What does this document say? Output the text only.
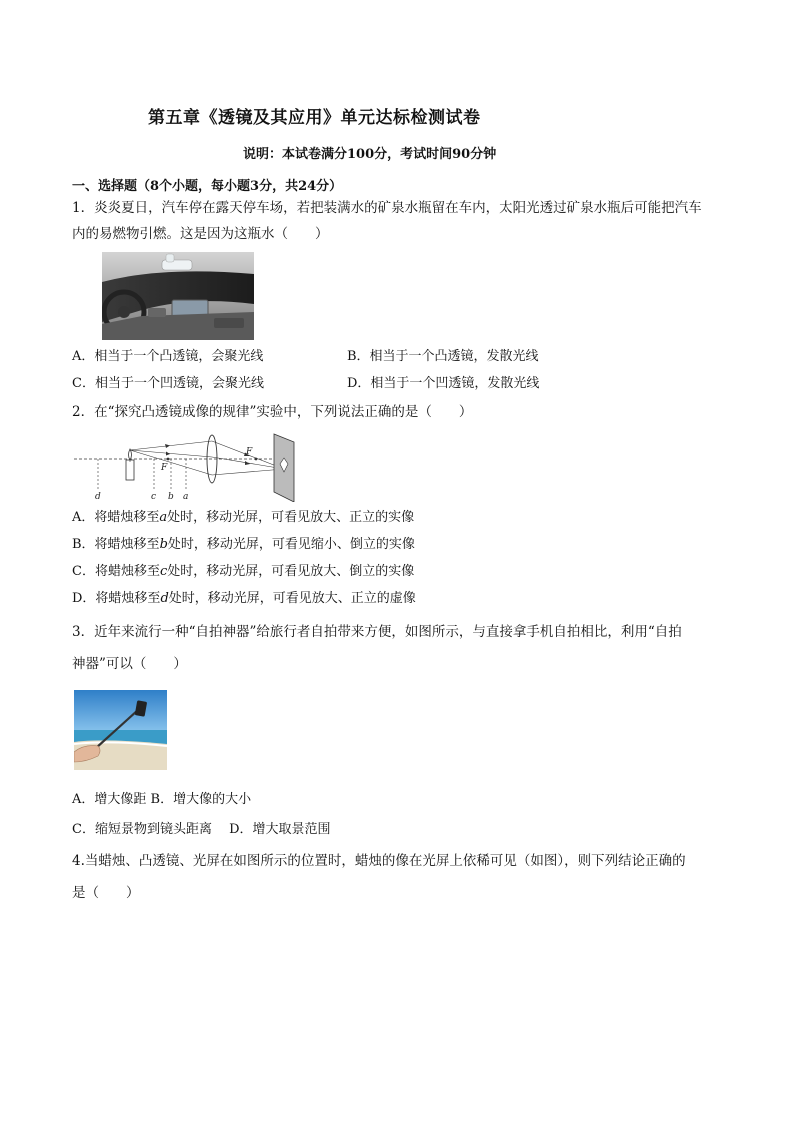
第五章《透镜及其应用》单元达标检测试卷
说明：本试卷满分100分，考试时间90分钟
一、选择题（8个小题，每小题3分，共24分）
1．炎炎夏日，汽车停在露天停车场，若把装满水的矿泉水瓶留在车内，太阳光透过矿泉水瓶后可能把汽车
内的易燃物引燃。这是因为这瓶水（　　）
A．相当于一个凸透镜，会聚光线	B．相当于一个凸透镜，发散光线
C．相当于一个凹透镜，会聚光线	D．相当于一个凹透镜，发散光线
2．在“探究凸透镜成像的规律”实验中，下列说法正确的是（　　）
F
F
d	c b a
A．将蜡烛移至a处时，移动光屏，可看见放大、正立的实像
B．将蜡烛移至b处时，移动光屏，可看见缩小、倒立的实像
C．将蜡烛移至c处时，移动光屏，可看见放大、倒立的实像
D．将蜡烛移至d处时，移动光屏，可看见放大、正立的虚像
3．近年来流行一种“自拍神器”给旅行者自拍带来方便，如图所示，与直接拿手机自拍相比，利用“自拍
神器”可以（　　）
A．增大像距 B．增大像的大小
C．缩短景物到镜头距离　 D．增大取景范围
4.当蜡烛、凸透镜、光屏在如图所示的位置时，蜡烛的像在光屏上依稀可见（如图），则下列结论正确的
是（　　）
